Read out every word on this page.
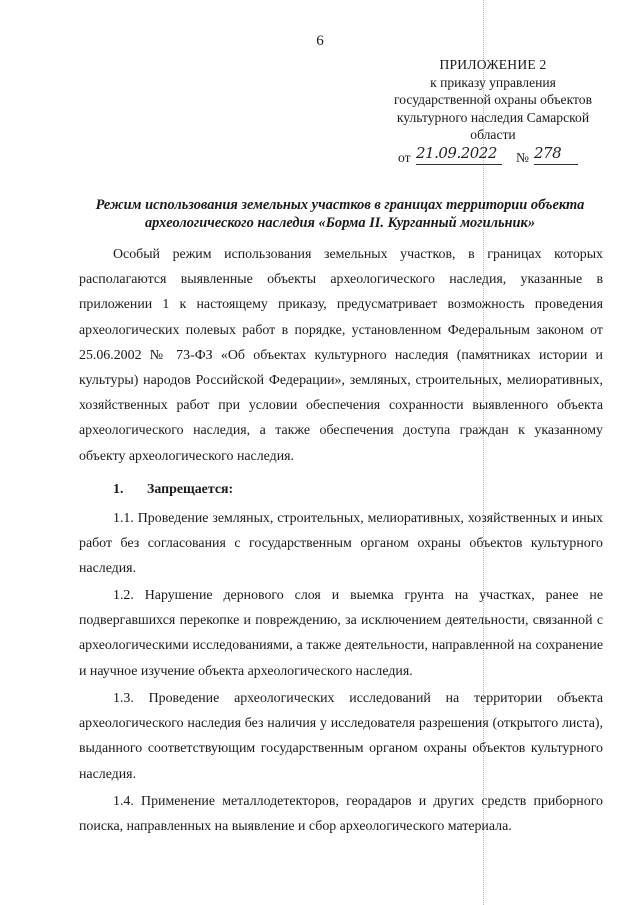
6
ПРИЛОЖЕНИЕ 2
к приказу управления
государственной охраны объектов
культурного наследия Самарской
области
от 21.09.2022 № 278
Режим использования земельных участков в границах территории объекта
археологического наследия «Борма II. Курганный могильник»

Особый режим использования земельных участков, в границах которых располагаются выявленные объекты археологического наследия, указанные в приложении 1 к настоящему приказу, предусматривает возможность проведения археологических полевых работ в порядке, установленном Федеральным законом от 25.06.2002 № 73-ФЗ «Об объектах культурного наследия (памятниках истории и культуры) народов Российской Федерации», земляных, строительных, мелиоративных, хозяйственных работ при условии обеспечения сохранности выявленного объекта археологического наследия, а также обеспечения доступа граждан к указанному объекту археологического наследия.

1. Запрещается:

1.1. Проведение земляных, строительных, мелиоративных, хозяйственных и иных работ без согласования с государственным органом охраны объектов культурного наследия.

1.2. Нарушение дернового слоя и выемка грунта на участках, ранее не подвергавшихся перекопке и повреждению, за исключением деятельности, связанной с археологическими исследованиями, а также деятельности, направленной на сохранение и научное изучение объекта археологического наследия.

1.3. Проведение археологических исследований на территории объекта археологического наследия без наличия у исследователя разрешения (открытого листа), выданного соответствующим государственным органом охраны объектов культурного наследия.

1.4. Применение металлодетекторов, георадаров и других средств приборного поиска, направленных на выявление и сбор археологического материала.
